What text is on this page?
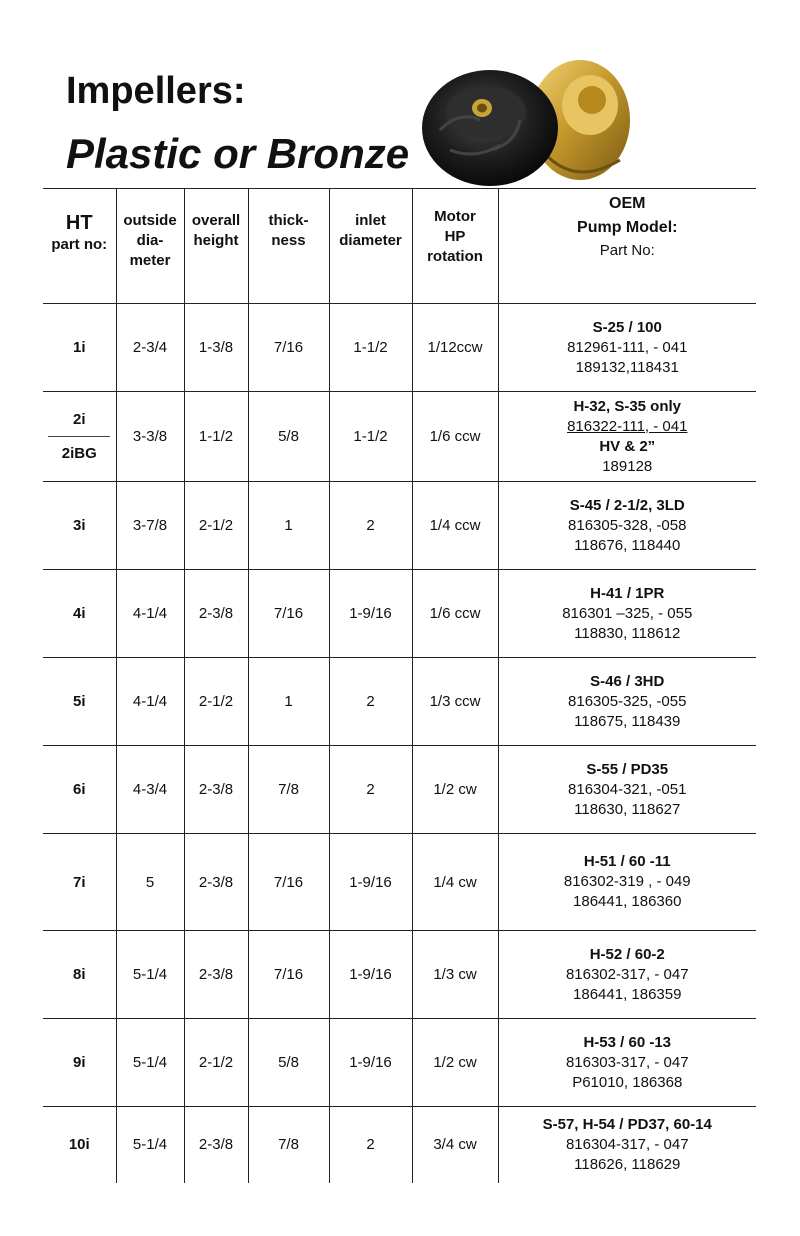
Impellers:
Plastic or Bronze
HT
part no:	outside
dia-
meter	overall
height	thick-
ness	inlet
diameter	Motor
HP
rotation	OEM
Pump Model:
Part No:

1i	2-3/4	1-3/8	7/16	1-1/2	1/12ccw	S-25 / 100
812961-111, - 041
189132,118431

2i
2iBG	3-3/8	1-1/2	5/8	1-1/2	1/6 ccw	H-32, S-35 only
816322-111, - 041
HV & 2”
189128

3i	3-7/8	2-1/2	1	2	1/4 ccw	S-45 / 2-1/2, 3LD
816305-328, -058
118676, 118440

4i	4-1/4	2-3/8	7/16	1-9/16	1/6 ccw	H-41 / 1PR
816301 –325, - 055
118830, 118612

5i	4-1/4	2-1/2	1	2	1/3 ccw	S-46 / 3HD
816305-325, -055
118675, 118439

6i	4-3/4	2-3/8	7/8	2	1/2 cw	S-55 / PD35
816304-321, -051
118630, 118627

7i	5	2-3/8	7/16	1-9/16	1/4 cw	H-51 / 60 -11
816302-319 , - 049
186441, 186360

8i	5-1/4	2-3/8	7/16	1-9/16	1/3 cw	H-52 / 60-2
816302-317, - 047
186441, 186359

9i	5-1/4	2-1/2	5/8	1-9/16	1/2 cw	H-53 / 60 -13
816303-317, - 047
P61010, 186368

10i	5-1/4	2-3/8	7/8	2	3/4 cw	S-57, H-54 / PD37, 60-14
816304-317, - 047
118626, 118629
